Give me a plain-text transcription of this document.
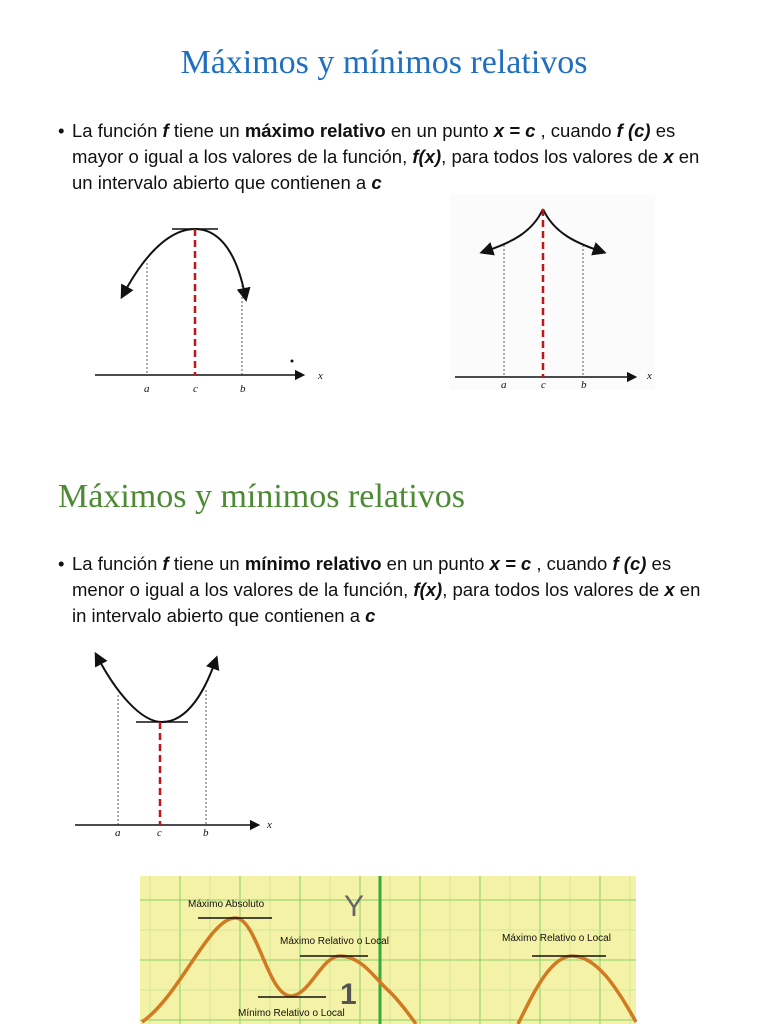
Máximos y mínimos relativos

• La función f tiene un máximo relativo en un punto x = c , cuando f (c) es mayor o igual a los valores de la función, f(x), para todos los valores de x en un intervalo abierto que contienen a c

a	c	b
x
a	c	b
x
Máximos y mínimos relativos

• La función f tiene un mínimo relativo en un punto x = c , cuando f (c) es menor o igual a los valores de la función, f(x), para todos los valores de x en in intervalo abierto que contienen a c

a	c	b
x
Y
1
Máximo Absoluto
Máximo Relativo o Local	Máximo Relativo o Local
Mínimo Relativo o Local
